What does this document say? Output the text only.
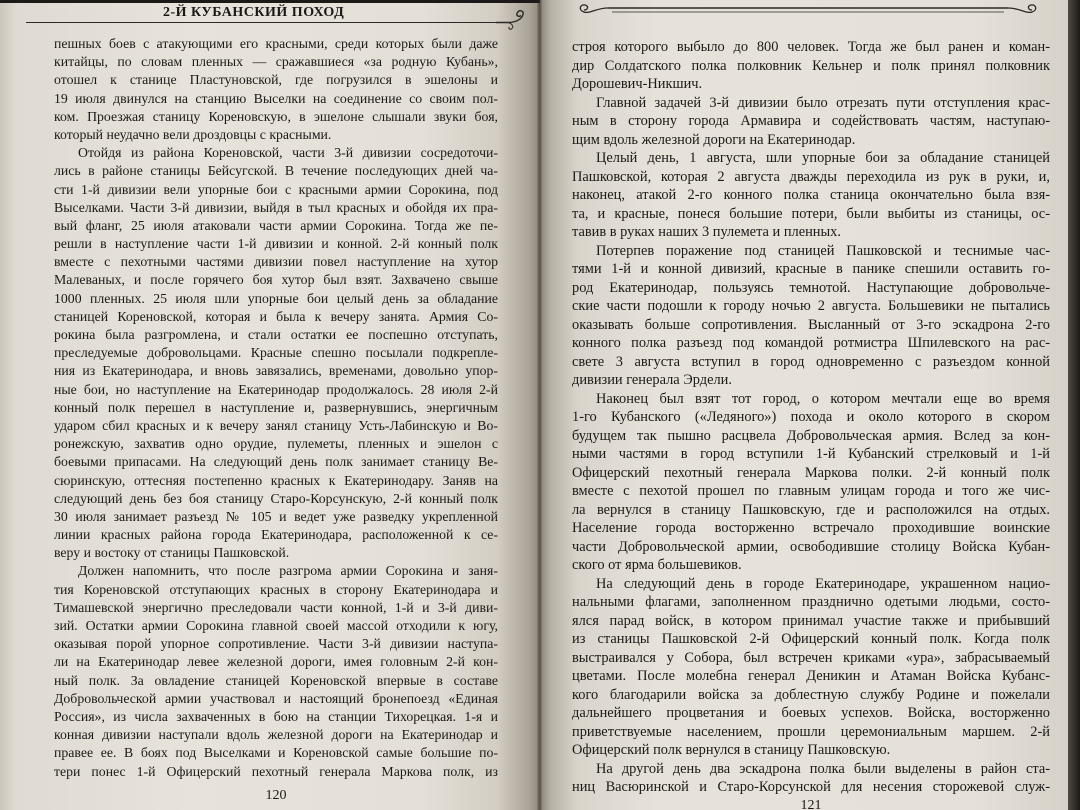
2-Й КУБАНСКИЙ ПОХОД
пешных боев с атакующими его красными, среди которых были даже
китайцы, по словам пленных — сражавшиеся «за родную Кубань»,
отошел к станице Пластуновской, где погрузился в эшелоны и
19 июля двинулся на станцию Выселки на соединение со своим пол-
ком. Проезжая станицу Кореновскую, в эшелоне слышали звуки боя,
который неудачно вели дроздовцы с красными.
Отойдя из района Кореновской, части 3-й дивизии сосредоточи-
лись в районе станицы Бейсугской. В течение последующих дней ча-
сти 1-й дивизии вели упорные бои с красными армии Сорокина, под
Выселками. Части 3-й дивизии, выйдя в тыл красных и обойдя их пра-
вый фланг, 25 июля атаковали части армии Сорокина. Тогда же пе-
решли в наступление части 1-й дивизии и конной. 2-й конный полк
вместе с пехотными частями дивизии повел наступление на хутор
Малеваных, и после горячего боя хутор был взят. Захвачено свыше
1000 пленных. 25 июля шли упорные бои целый день за обладание
станицей Кореновской, которая и была к вечеру занята. Армия Со-
рокина была разгромлена, и стали остатки ее поспешно отступать,
преследуемые добровольцами. Красные спешно посылали подкрепле-
ния из Екатеринодара, и вновь завязались, временами, довольно упор-
ные бои, но наступление на Екатеринодар продолжалось. 28 июля 2-й
конный полк перешел в наступление и, развернувшись, энергичным
ударом сбил красных и к вечеру занял станицу Усть-Лабинскую и Во-
ронежскую, захватив одно орудие, пулеметы, пленных и эшелон с
боевыми припасами. На следующий день полк занимает станицу Ве-
сюринскую, оттесняя постепенно красных к Екатеринодару. Заняв на
следующий день без боя станицу Старо-Корсунскую, 2-й конный полк
30 июля занимает разъезд № 105 и ведет уже разведку укрепленной
линии красных района города Екатеринодара, расположенной к се-
веру и востоку от станицы Пашковской.
Должен напомнить, что после разгрома армии Сорокина и заня-
тия Кореновской отступающих красных в сторону Екатеринодара и
Тимашевской энергично преследовали части конной, 1-й и 3-й диви-
зий. Остатки армии Сорокина главной своей массой отходили к югу,
оказывая порой упорное сопротивление. Части 3-й дивизии наступа-
ли на Екатеринодар левее железной дороги, имея головным 2-й кон-
ный полк. За овладение станицей Кореновской впервые в составе
Добровольческой армии участвовал и настоящий бронепоезд «Единая
Россия», из числа захваченных в бою на станции Тихорецкая. 1-я и
конная дивизии наступали вдоль железной дороги на Екатеринодар и
правее ее. В боях под Выселками и Кореновской самые большие по-
тери понес 1-й Офицерский пехотный генерала Маркова полк, из
120
строя которого выбыло до 800 человек. Тогда же был ранен и коман-
дир Солдатского полка полковник Кельнер и полк принял полковник
Дорошевич-Никшич.
Главной задачей 3-й дивизии было отрезать пути отступления крас-
ным в сторону города Армавира и содействовать частям, наступаю-
щим вдоль железной дороги на Екатеринодар.
Целый день, 1 августа, шли упорные бои за обладание станицей
Пашковской, которая 2 августа дважды переходила из рук в руки, и,
наконец, атакой 2-го конного полка станица окончательно была взя-
та, и красные, понеся большие потери, были выбиты из станицы, ос-
тавив в руках наших 3 пулемета и пленных.
Потерпев поражение под станицей Пашковской и теснимые час-
тями 1-й и конной дивизий, красные в панике спешили оставить го-
род Екатеринодар, пользуясь темнотой. Наступающие добровольче-
ские части подошли к городу ночью 2 августа. Большевики не пытались
оказывать больше сопротивления. Высланный от 3-го эскадрона 2-го
конного полка разъезд под командой ротмистра Шпилевского на рас-
свете 3 августа вступил в город одновременно с разъездом конной
дивизии генерала Эрдели.
Наконец был взят тот город, о котором мечтали еще во время
1-го Кубанского («Ледяного») похода и около которого в скором
будущем так пышно расцвела Добровольческая армия. Вслед за кон-
ными частями в город вступили 1-й Кубанский стрелковый и 1-й
Офицерский пехотный генерала Маркова полки. 2-й конный полк
вместе с пехотой прошел по главным улицам города и того же чис-
ла вернулся в станицу Пашковскую, где и расположился на отдых.
Население города восторженно встречало проходившие воинские
части Добровольческой армии, освободившие столицу Войска Кубан-
ского от ярма большевиков.
На следующий день в городе Екатеринодаре, украшенном нацио-
нальными флагами, заполненном празднично одетыми людьми, состо-
ялся парад войск, в котором принимал участие также и прибывший
из станицы Пашковской 2-й Офицерский конный полк. Когда полк
выстраивался у Собора, был встречен криками «ура», забрасываемый
цветами. После молебна генерал Деникин и Атаман Войска Кубанс-
кого благодарили войска за доблестную службу Родине и пожелали
дальнейшего процветания и боевых успехов. Войска, восторженно
приветствуемые населением, прошли церемониальным маршем. 2-й
Офицерский полк вернулся в станицу Пашковскую.
На другой день два эскадрона полка были выделены в район ста-
ниц Васюринской и Старо-Корсунской для несения сторожевой служ-
121
